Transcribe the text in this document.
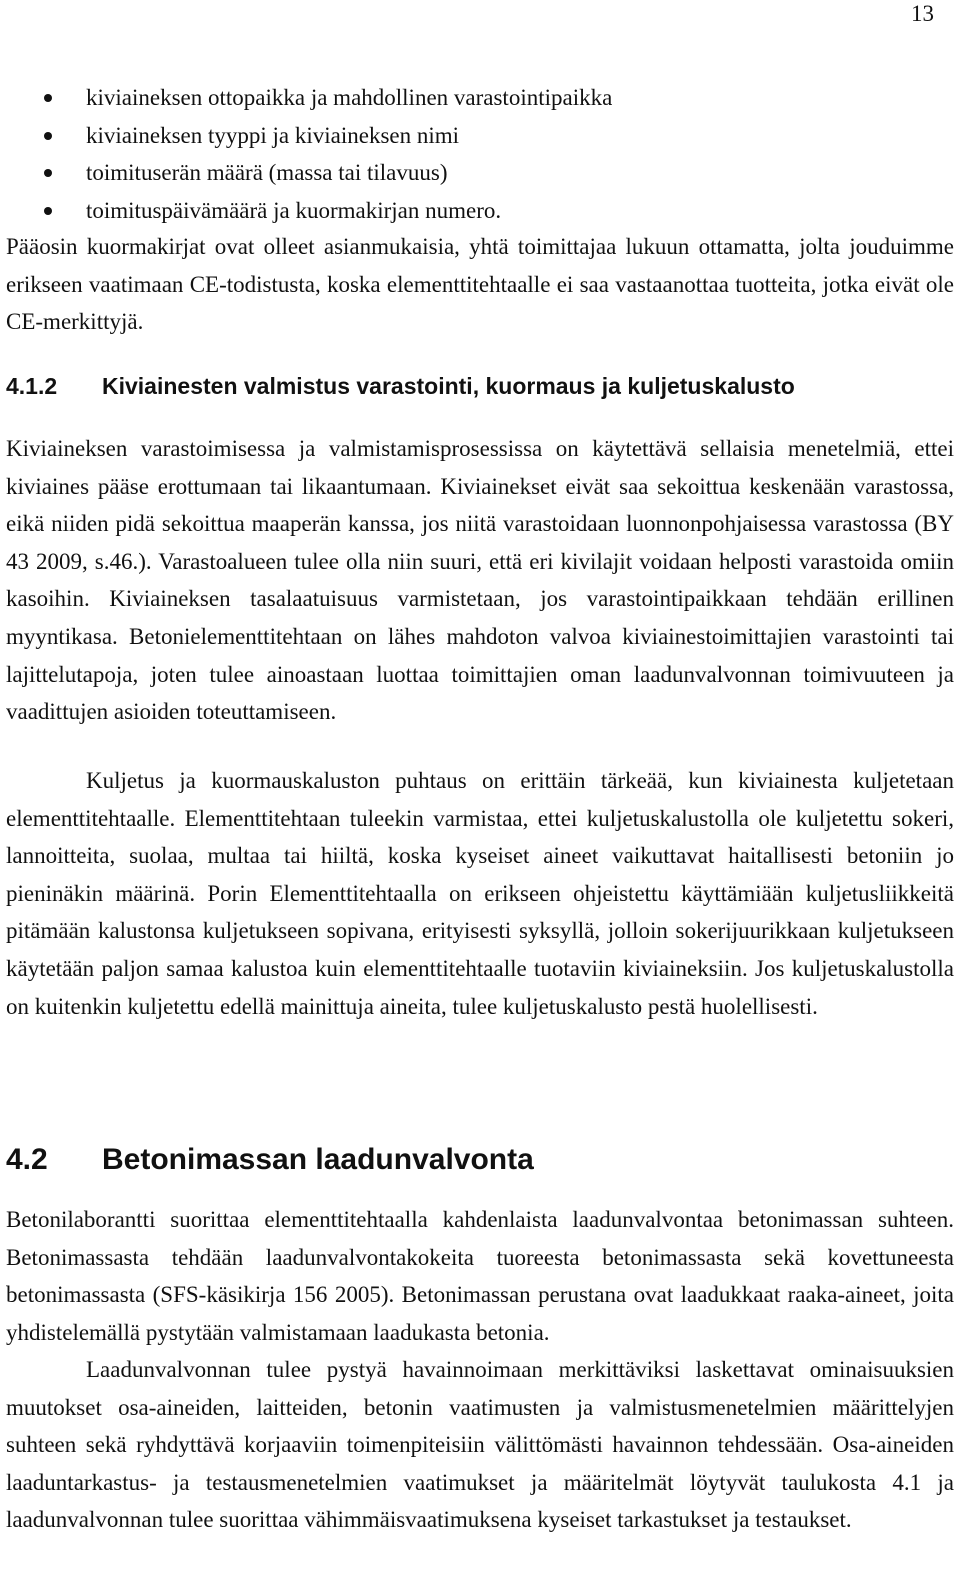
13
kiviaineksen ottopaikka ja mahdollinen varastointipaikka
kiviaineksen tyyppi ja kiviaineksen nimi
toimituserän määrä (massa tai tilavuus)
toimituspäivämäärä ja kuormakirjan numero.

Pääosin kuormakirjat ovat olleet asianmukaisia, yhtä toimittajaa lukuun ottamatta, jolta jouduimme erikseen vaatimaan CE-todistusta, koska elementtitehtaalle ei saa vastaanottaa tuotteita, jotka eivät ole CE-merkittyjä.

4.1.2 Kiviainesten valmistus varastointi, kuormaus ja kuljetuskalusto

Kiviaineksen varastoimisessa ja valmistamisprosessissa on käytettävä sellaisia menetelmiä, ettei kiviaines pääse erottumaan tai likaantumaan. Kiviainekset eivät saa sekoittua keskenään varastossa, eikä niiden pidä sekoittua maaperän kanssa, jos niitä varastoidaan luonnonpohjaisessa varastossa (BY 43 2009, s.46.). Varastoalueen tulee olla niin suuri, että eri kivilajit voidaan helposti varastoida omiin kasoihin. Kiviaineksen tasalaatuisuus varmistetaan, jos varastointipaikkaan tehdään erillinen myyntikasa. Betonielementtitehtaan on lähes mahdoton valvoa kiviainestoimittajien varastointi tai lajittelutapoja, joten tulee ainoastaan luottaa toimittajien oman laadunvalvonnan toimivuuteen ja vaadittujen asioiden toteuttamiseen.

Kuljetus ja kuormauskaluston puhtaus on erittäin tärkeää, kun kiviainesta kuljetetaan elementtitehtaalle. Elementtitehtaan tuleekin varmistaa, ettei kuljetuskalustolla ole kuljetettu sokeri, lannoitteita, suolaa, multaa tai hiiltä, koska kyseiset aineet vaikuttavat haitallisesti betoniin jo pieninäkin määrinä. Porin Elementtitehtaalla on erikseen ohjeistettu käyttämiään kuljetusliikkeitä pitämään kalustonsa kuljetukseen sopivana, erityisesti syksyllä, jolloin sokerijuurikkaan kuljetukseen käytetään paljon samaa kalustoa kuin elementtitehtaalle tuotaviin kiviaineksiin. Jos kuljetuskalustolla on kuitenkin kuljetettu edellä mainittuja aineita, tulee kuljetuskalusto pestä huolellisesti.

4.2 Betonimassan laadunvalvonta

Betonilaborantti suorittaa elementtitehtaalla kahdenlaista laadunvalvontaa betonimassan suhteen. Betonimassasta tehdään laadunvalvontakokeita tuoreesta betonimassasta sekä kovettuneesta betonimassasta (SFS-käsikirja 156 2005). Betonimassan perustana ovat laadukkaat raaka-aineet, joita yhdistelemällä pystytään valmistamaan laadukasta betonia.

Laadunvalvonnan tulee pystyä havainnoimaan merkittäviksi laskettavat ominaisuuksien muutokset osa-aineiden, laitteiden, betonin vaatimusten ja valmistusmenetelmien määrittelyjen suhteen sekä ryhdyttävä korjaaviin toimenpiteisiin välittömästi havainnon tehdessään. Osa-aineiden laaduntarkastus- ja testausmenetelmien vaatimukset ja määritelmät löytyvät taulukosta 4.1 ja laadunvalvonnan tulee suorittaa vähimmäisvaatimuksena kyseiset tarkastukset ja testaukset.
